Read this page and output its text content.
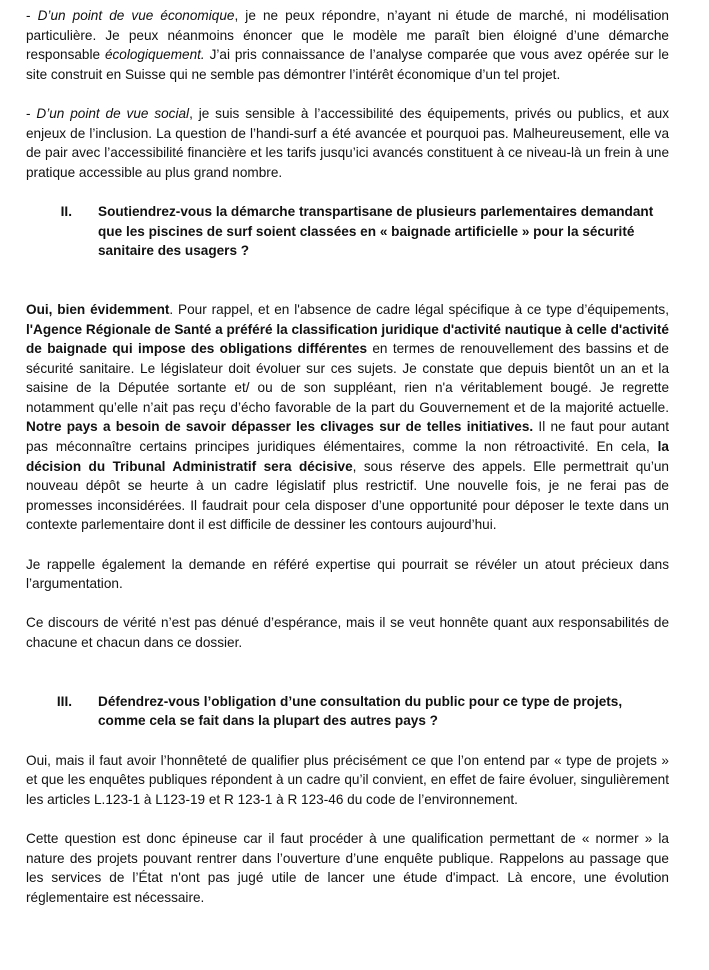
- D’un point de vue économique, je ne peux répondre, n’ayant ni étude de marché, ni modélisation particulière. Je peux néanmoins énoncer que le modèle me paraît bien éloigné d’une démarche responsable écologiquement. J’ai pris connaissance de l’analyse comparée que vous avez opérée sur le site construit en Suisse qui ne semble pas démontrer l’intérêt économique d’un tel projet.

- D’un point de vue social, je suis sensible à l’accessibilité des équipements, privés ou publics, et aux enjeux de l’inclusion. La question de l’handi-surf a été avancée et pourquoi pas. Malheureusement, elle va de pair avec l’accessibilité financière et les tarifs jusqu’ici avancés constituent à ce niveau-là un frein à une pratique accessible au plus grand nombre.

II.	Soutiendrez-vous la démarche transpartisane de plusieurs parlementaires demandant que les piscines de surf soient classées en « baignade artificielle » pour la sécurité sanitaire des usagers ?

Oui, bien évidemment. Pour rappel, et en l'absence de cadre légal spécifique à ce type d’équipements, l'Agence Régionale de Santé a préféré la classification juridique d'activité nautique à celle d'activité de baignade qui impose des obligations différentes en termes de renouvellement des bassins et de sécurité sanitaire. Le législateur doit évoluer sur ces sujets. Je constate que depuis bientôt un an et la saisine de la Députée sortante et/ ou de son suppléant, rien n'a véritablement bougé. Je regrette notamment qu’elle n’ait pas reçu d’écho favorable de la part du Gouvernement et de la majorité actuelle. Notre pays a besoin de savoir dépasser les clivages sur de telles initiatives. Il ne faut pour autant pas méconnaître certains principes juridiques élémentaires, comme la non rétroactivité. En cela, la décision du Tribunal Administratif sera décisive, sous réserve des appels. Elle permettrait qu’un nouveau dépôt se heurte à un cadre législatif plus restrictif. Une nouvelle fois, je ne ferai pas de promesses inconsidérées. Il faudrait pour cela disposer d’une opportunité pour déposer le texte dans un contexte parlementaire dont il est difficile de dessiner les contours aujourd’hui.

Je rappelle également la demande en référé expertise qui pourrait se révéler un atout précieux dans l’argumentation.

Ce discours de vérité n’est pas dénué d’espérance, mais il se veut honnête quant aux responsabilités de chacune et chacun dans ce dossier.

III.	Défendrez-vous l’obligation d’une consultation du public pour ce type de projets, comme cela se fait dans la plupart des autres pays ?

Oui, mais il faut avoir l’honnêteté de qualifier plus précisément ce que l’on entend par « type de projets » et que les enquêtes publiques répondent à un cadre qu’il convient, en effet de faire évoluer, singulièrement les articles L.123-1 à L123-19 et R 123-1 à R 123-46 du code de l’environnement.

Cette question est donc épineuse car il faut procéder à une qualification permettant de « normer » la nature des projets pouvant rentrer dans l’ouverture d’une enquête publique. Rappelons au passage que les services de l’État n'ont pas jugé utile de lancer une étude d'impact. Là encore, une évolution réglementaire est nécessaire.
